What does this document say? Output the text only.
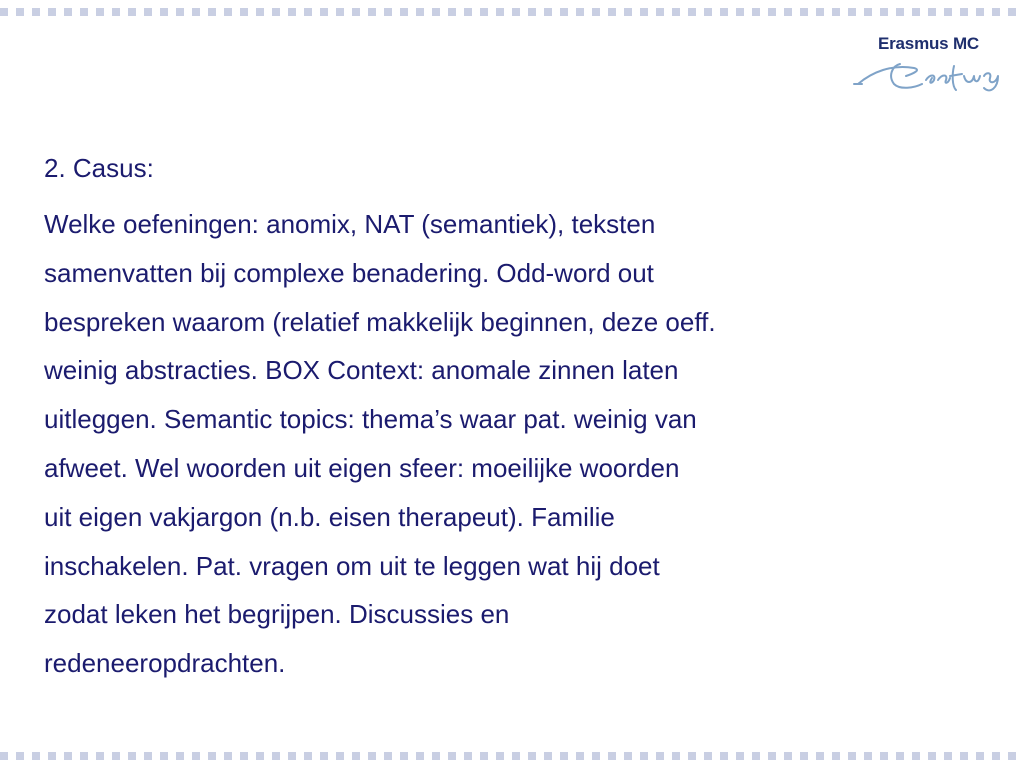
Erasmus MC
2. Casus:

Welke oefeningen: anomix, NAT (semantiek), teksten
samenvatten bij complexe benadering. Odd-word out
bespreken waarom (relatief makkelijk beginnen, deze oeff.
weinig abstracties. BOX Context: anomale zinnen laten
uitleggen. Semantic topics: thema’s waar pat. weinig van
afweet. Wel woorden uit eigen sfeer: moeilijke woorden
uit eigen vakjargon (n.b. eisen therapeut). Familie
inschakelen. Pat. vragen om uit te leggen wat hij doet
zodat leken het begrijpen. Discussies en
redeneeropdrachten.
